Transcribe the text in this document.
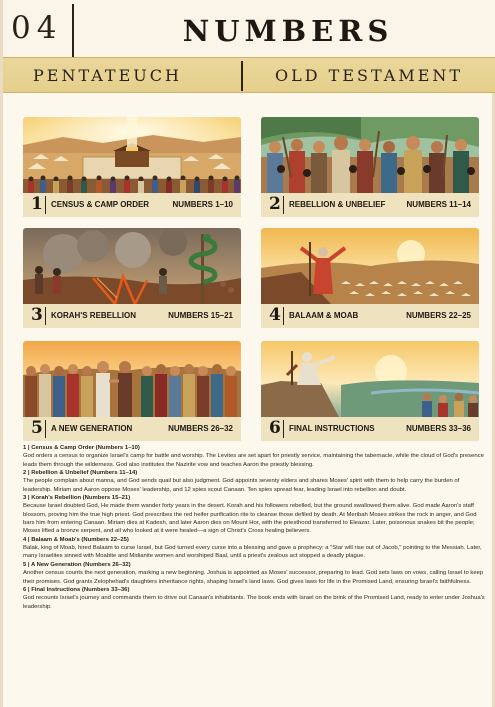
04	NUMBERS
PENTATEUCH	OLD TESTAMENT
1 CENSUS & CAMP ORDER	NUMBERS 1–10 2 REBELLION & UNBELIEF	NUMBERS 11–14
3 KORAH'S REBELLION	NUMBERS 15–21 4 BALAAM & MOAB	NUMBERS 22–25
5 A NEW GENERATION	NUMBERS 26–32 6 FINAL INSTRUCTIONS	NUMBERS 33–36
1 | Census & Camp Order (Numbers 1–10)
God orders a census to organize Israel's camp for battle and worship. The Levites are set apart for priestly service, maintaining the tabernacle, while the cloud of God's presence leads them through the wilderness. God also institutes the Nazirite vow and teaches Aaron the priestly blessing.
2 | Rebellion & Unbelief (Numbers 11–14)
The people complain about manna, and God sends quail but also judgment. God appoints seventy elders and shares Moses' spirit with them to help carry the burden of leadership. Miriam and Aaron oppose Moses' leadership, and 12 spies scout Canaan. Ten spies spread fear, leading Israel into rebellion and doubt.
3 | Korah's Rebellion (Numbers 15–21)
Because Israel doubted God, He made them wander forty years in the desert. Korah and his followers rebelled, but the ground swallowed them alive. God made Aaron's staff blossom, proving him the true high priest. God prescribes the red heifer purification rite to cleanse those defiled by death. At Meribah Moses strikes the rock in anger, and God bars him from entering Canaan. Miriam dies at Kadesh, and later Aaron dies on Mount Hor, with the priesthood transferred to Eleazar. Later, poisonous snakes bit the people; Moses lifted a bronze serpent, and all who looked at it were healed—a sign of Christ's Cross healing believers.
4 | Balaam & Moab's (Numbers 22–25)
Balak, king of Moab, hired Balaam to curse Israel, but God turned every curse into a blessing and gave a prophecy: a "Star will rise out of Jacob," pointing to the Messiah. Later, many Israelites sinned with Moabite and Midianite women and worshiped Baal, until a priest's zealous act stopped a deadly plague.
5 | A New Generation (Numbers 26–32)
Another census counts the next generation, marking a new beginning. Joshua is appointed as Moses' successor, preparing to lead. God sets laws on vows, calling Israel to keep their promises. God grants Zelophehad's daughters inheritance rights, shaping Israel's land laws. God gives laws for life in the Promised Land, ensuring Israel's faithfulness.
6 | Final Instructions (Numbers 33–36)
God recounts Israel's journey and commands them to drive out Canaan's inhabitants. The book ends with Israel on the brink of the Promised Land, ready to enter under Joshua's leadership.
